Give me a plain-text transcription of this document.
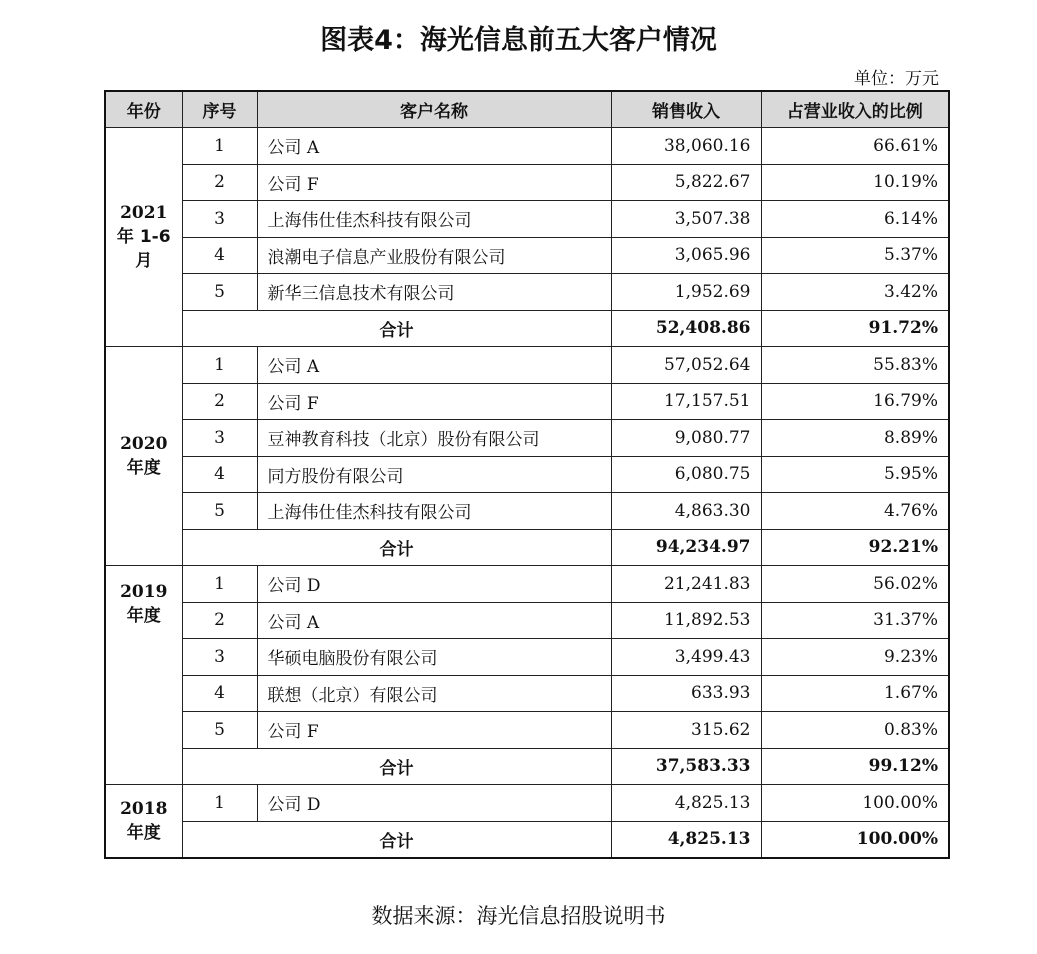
图表4：海光信息前五大客户情况
单位：万元
年份	序号	客户名称	销售收入	占营业收入的比例

2021
年 1-6
月	1	公司 A	38,060.16	66.61%
	2	公司 F	5,822.67	10.19%
	3	上海伟仕佳杰科技有限公司	3,507.38	6.14%
	4	浪潮电子信息产业股份有限公司	3,065.96	5.37%
	5	新华三信息技术有限公司	1,952.69	3.42%
	合计		52,408.86	91.72%

2020
年度	1	公司 A	57,052.64	55.83%
	2	公司 F	17,157.51	16.79%
	3	豆神教育科技（北京）股份有限公司	9,080.77	8.89%
	4	同方股份有限公司	6,080.75	5.95%
	5	上海伟仕佳杰科技有限公司	4,863.30	4.76%
	合计		94,234.97	92.21%

2019
年度	1	公司 D	21,241.83	56.02%
	2	公司 A	11,892.53	31.37%
	3	华硕电脑股份有限公司	3,499.43	9.23%
	4	联想（北京）有限公司	633.93	1.67%
	5	公司 F	315.62	0.83%
	合计		37,583.33	99.12%

2018
年度	1	公司 D	4,825.13	100.00%
	合计		4,825.13	100.00%
数据来源：海光信息招股说明书
